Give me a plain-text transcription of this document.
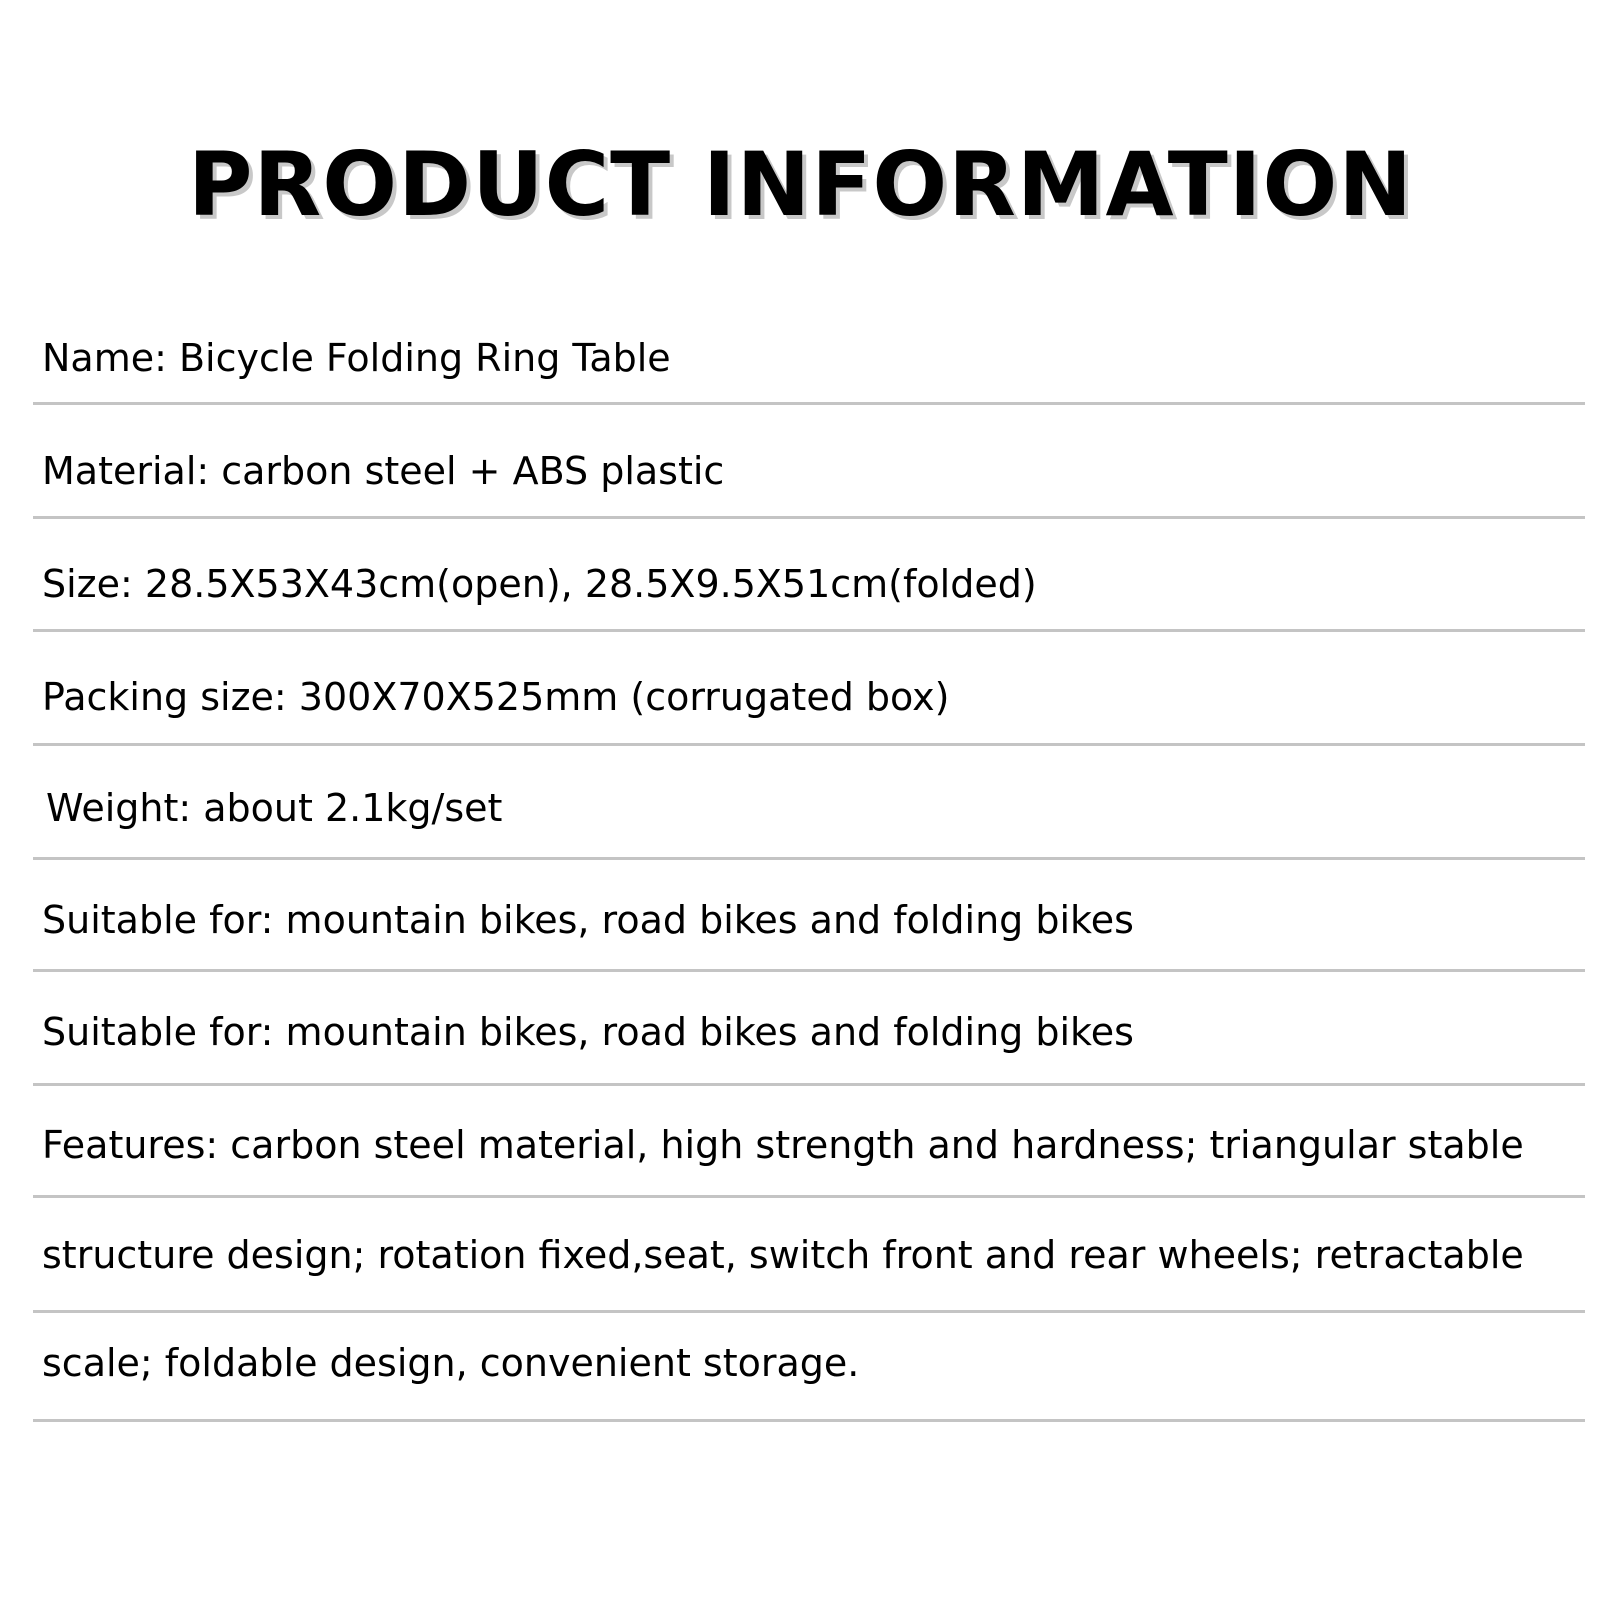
PRODUCT INFORMATION
Name: Bicycle Folding Ring Table
Material: carbon steel + ABS plastic
Size: 28.5X53X43cm(open), 28.5X9.5X51cm(folded)
Packing size: 300X70X525mm (corrugated box)
Weight: about 2.1kg/set
Suitable for: mountain bikes, road bikes and folding bikes
Suitable for: mountain bikes, road bikes and folding bikes
Features: carbon steel material, high strength and hardness; triangular stable
structure design; rotation fixed,seat, switch front and rear wheels; retractable
scale; foldable design, convenient storage.
